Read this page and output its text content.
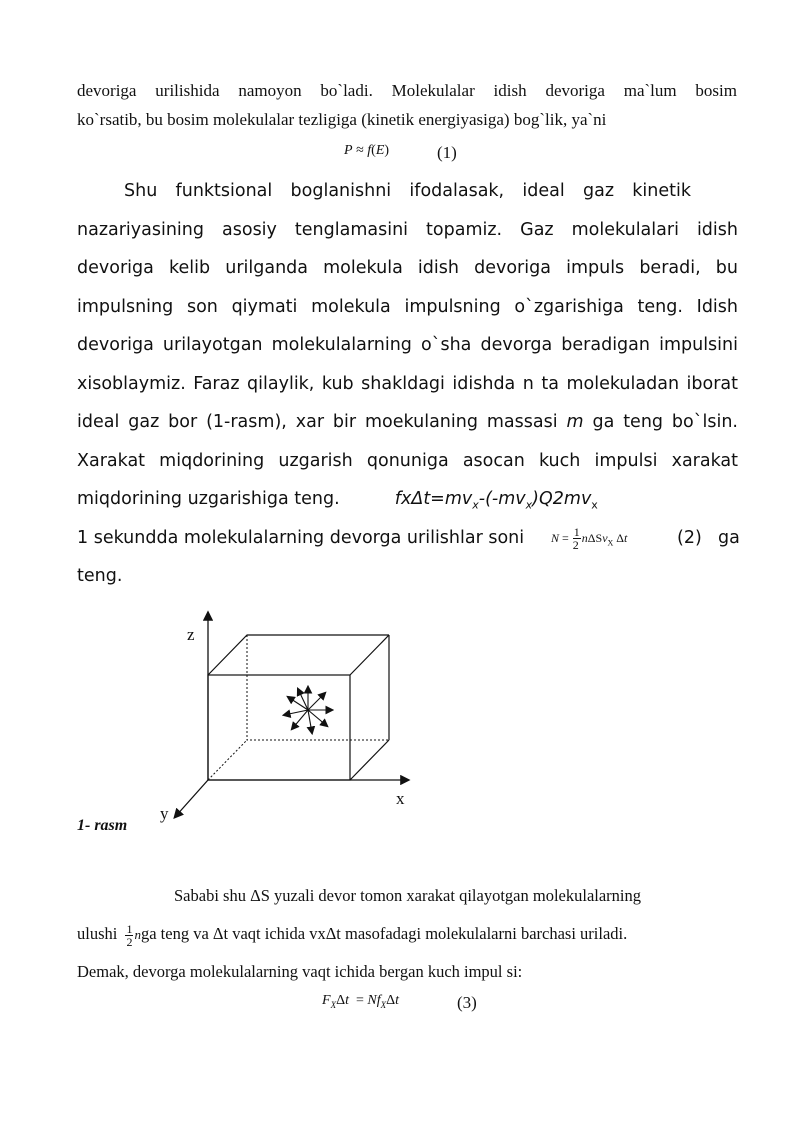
devoriga urilishida namoyon bo`ladi. Molekulalar idish devoriga ma`lum bosim
ko`rsatib, bu bosim molekulalar tezligiga (kinetik energiyasiga) bog`lik, ya`ni
P ≈ f(E)	(1)
Shu funktsional boglanishni ifodalasak, ideal gaz kinetik
nazariyasining asosiy tenglamasini topamiz. Gaz molekulalari idish
devoriga kelib urilganda molekula idish devoriga impuls beradi, bu
impulsning son qiymati molekula impulsning o`zgarishiga teng. Idish
devoriga urilayotgan molekulalarning o`sha devorga beradigan impulsini
xisoblaymiz. Faraz qilaylik, kub shakldagi idishda n ta molekuladan iborat
ideal gaz bor (1-rasm), xar bir moekulaning massasi m ga teng bo`lsin.
Xarakat miqdorining uzgarish qonuniga asocan kuch impulsi xarakat
miqdorining uzgarishiga teng.	$fx\Delta t=mv_x-(-mv_x)Q2mv_x$
1 sekundda molekulalarning devorga urilishlar soni $N = \frac{1}{2} n\Delta Sv_X$ Δt	(2) ga
teng.
z
x
y
1- rasm
Sababi shu ΔS yuzali devor tomon xarakat qilayotgan molekulalarning
ulushi $\frac{1}{2}$ nga teng va Δt vaqt ichida vxΔt masofadagi molekulalarni barchasi uriladi.
Demak, devorga molekulalarning vaqt ichida bergan kuch impul si:
$F_X\Delta t = Nf_X\Delta t$	(3)
